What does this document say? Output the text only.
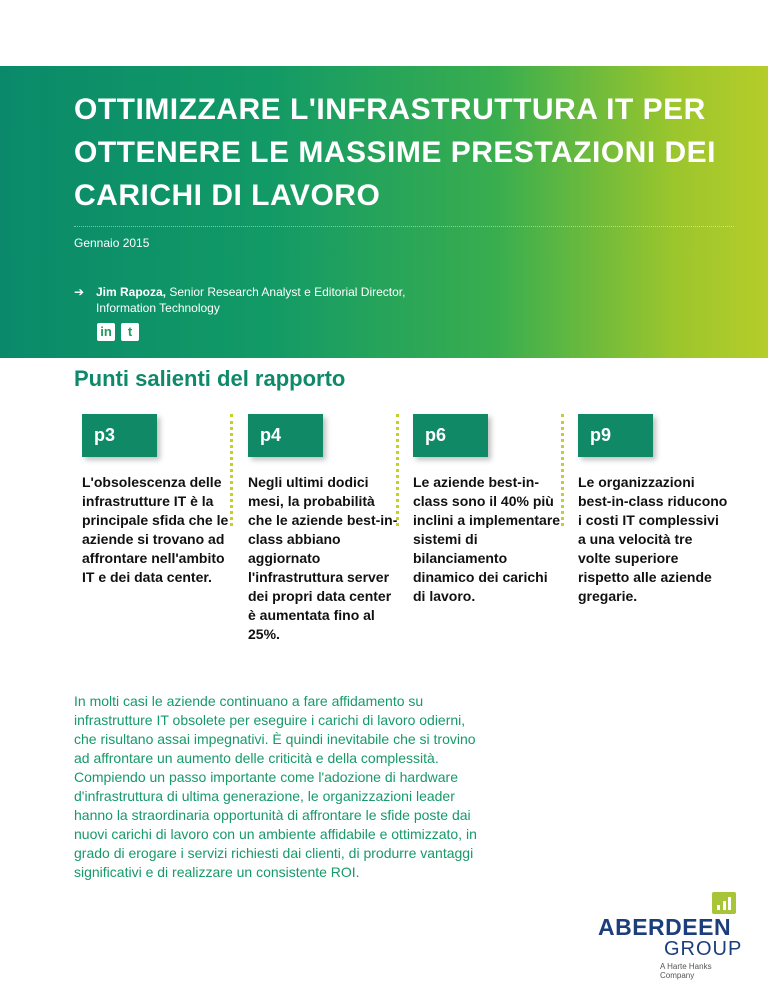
OTTIMIZZARE L'INFRASTRUTTURA IT PER OTTENERE LE MASSIME PRESTAZIONI DEI CARICHI DI LAVORO
Gennaio 2015
➔ Jim Rapoza, Senior Research Analyst e Editorial Director,
Information Technology
in	t
Punti salienti del rapporto
p3
L'obsolescenza delle infrastrutture IT è la principale sfida che le aziende si trovano ad affrontare nell'ambito IT e dei data center.
p4
Negli ultimi dodici mesi, la probabilità che le aziende best-in-class abbiano aggiornato l'infrastruttura server dei propri data center è aumentata fino al 25%.
p6
Le aziende best-in-class sono il 40% più inclini a implementare sistemi di bilanciamento dinamico dei carichi di lavoro.
p9
Le organizzazioni best-in-class riducono i costi IT complessivi a una velocità tre volte superiore rispetto alle aziende gregarie.

In molti casi le aziende continuano a fare affidamento su infrastrutture IT obsolete per eseguire i carichi di lavoro odierni, che risultano assai impegnativi. È quindi inevitabile che si trovino ad affrontare un aumento delle criticità e della complessità. Compiendo un passo importante come l'adozione di hardware d'infrastruttura di ultima generazione, le organizzazioni leader hanno la straordinaria opportunità di affrontare le sfide poste dai nuovi carichi di lavoro con un ambiente affidabile e ottimizzato, in grado di erogare i servizi richiesti dai clienti, di produrre vantaggi significativi e di realizzare un consistente ROI.

ABERDEEN
GROUP
A Harte Hanks Company
